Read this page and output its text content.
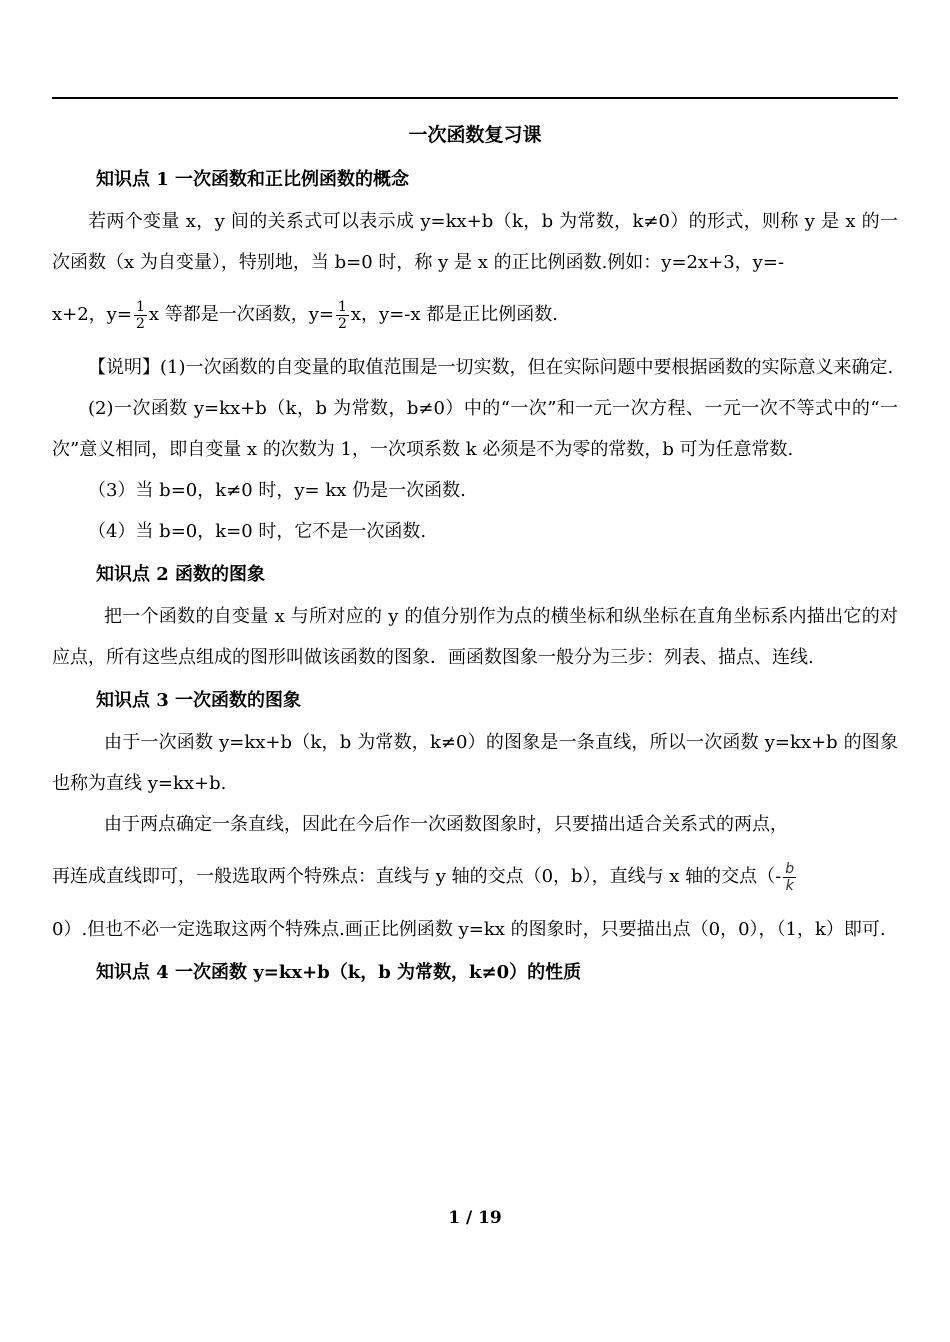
一次函数复习课
知识点 1 一次函数和正比例函数的概念

若两个变量 x，y 间的关系式可以表示成 y=kx+b（k，b 为常数，k≠0）的形式，则称 y 是 x 的一次函数（x 为自变量），特别地，当 b=0 时，称 y 是 x 的正比例函数.例如：y=2x+3，y=-

x+2，$y= \frac{1}{2}$ x 等都是一次函数，$y= \frac{1}{2}$ x，y=-x 都是正比例函数.

【说明】(1)一次函数的自变量的取值范围是一切实数，但在实际问题中要根据函数的实际意义来确定.

(2)一次函数 y=kx+b（k，b 为常数，b≠0）中的“一次”和一元一次方程、一元一次不等式中的“一次”意义相同，即自变量 x 的次数为 1，一次项系数 k 必须是不为零的常数，b 可为任意常数.

（3）当 b=0，k≠0 时，y= kx 仍是一次函数.

（4）当 b=0，k=0 时，它不是一次函数.

知识点 2 函数的图象

把一个函数的自变量 x 与所对应的 y 的值分别作为点的横坐标和纵坐标在直角坐标系内描出它的对应点，所有这些点组成的图形叫做该函数的图象．画函数图象一般分为三步：列表、描点、连线.

知识点 3 一次函数的图象

由于一次函数 y=kx+b（k，b 为常数，k≠0）的图象是一条直线，所以一次函数 y=kx+b 的图象也称为直线 y=kx+b.

由于两点确定一条直线，因此在今后作一次函数图象时，只要描出适合关系式的两点，

再连成直线即可，一般选取两个特殊点：直线与 y 轴的交点（0，b），直线与 x 轴的交点（- $\frac{b}{k}$

0）.但也不必一定选取这两个特殊点.画正比例函数 y=kx 的图象时，只要描出点（0，0），（1，k）即可.

知识点 4 一次函数 y=kx+b（k，b 为常数，k≠0）的性质
1 / 19
